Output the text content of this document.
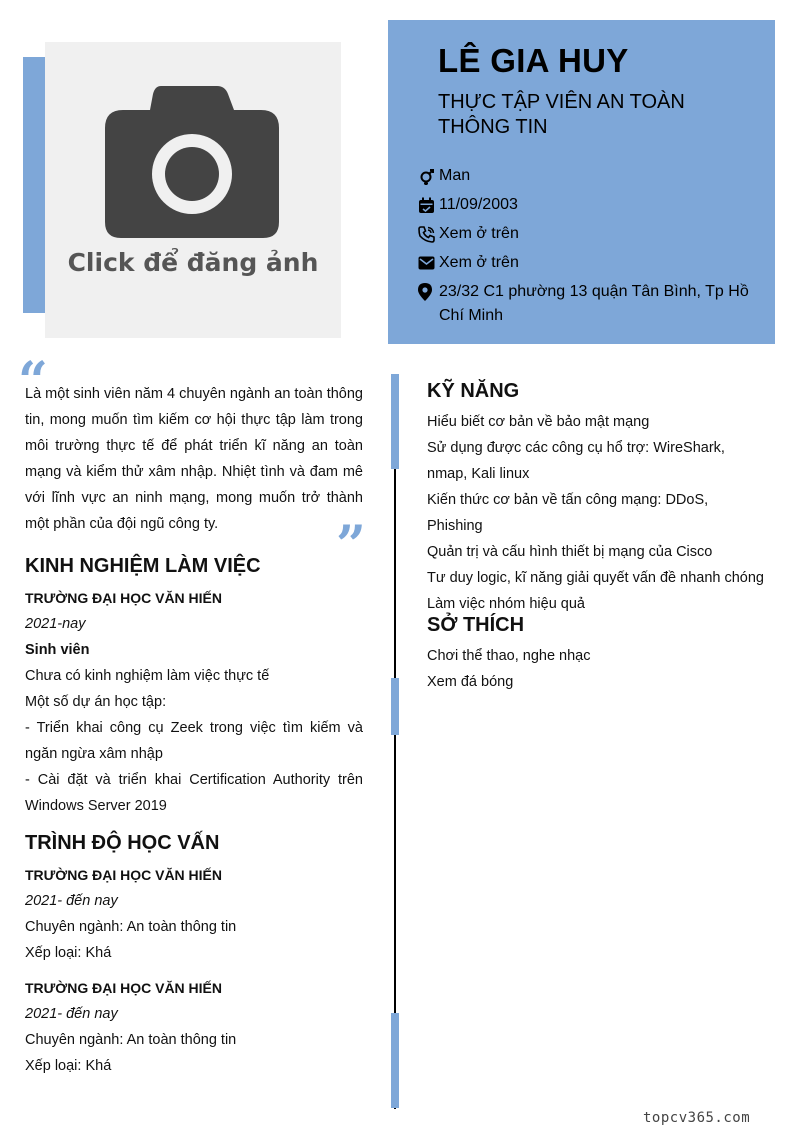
Click để đăng ảnh
LÊ GIA HUY
THỰC TẬP VIÊN AN TOÀN THÔNG TIN
Man
11/09/2003
Xem ở trên
Xem ở trên
23/32 C1 phường 13 quận Tân Bình, Tp Hồ Chí Minh
“
Là một sinh viên năm 4 chuyên ngành an toàn thông tin, mong muốn tìm kiếm cơ hội thực tập làm trong môi trường thực tế để phát triển kĩ năng an toàn mạng và kiểm thử xâm nhập. Nhiệt tình và đam mê với lĩnh vực an ninh mạng, mong muốn trở thành một phần của đội ngũ công ty.	”
KINH NGHIỆM LÀM VIỆC
TRƯỜNG ĐẠI HỌC VĂN HIẾN
2021-nay
Sinh viên
Chưa có kinh nghiệm làm việc thực tế
Một số dự án học tập:
- Triển khai công cụ Zeek trong việc tìm kiếm và ngăn ngừa xâm nhập
- Cài đặt và triển khai Certification Authority trên Windows Server 2019
TRÌNH ĐỘ HỌC VẤN
TRƯỜNG ĐẠI HỌC VĂN HIẾN
2021- đến nay
Chuyên ngành: An toàn thông tin
Xếp loại: Khá
TRƯỜNG ĐẠI HỌC VĂN HIẾN
2021- đến nay
Chuyên ngành: An toàn thông tin
Xếp loại: Khá
KỸ NĂNG
Hiểu biết cơ bản về bảo mật mạng
Sử dụng được các công cụ hổ trợ: WireShark, nmap, Kali linux
Kiến thức cơ bản về tấn công mạng: DDoS, Phishing
Quản trị và cấu hình thiết bị mạng của Cisco
Tư duy logic, kĩ năng giải quyết vấn đề nhanh chóng
Làm việc nhóm hiệu quả
SỞ THÍCH
Chơi thể thao, nghe nhạc
Xem đá bóng
topcv365.com
